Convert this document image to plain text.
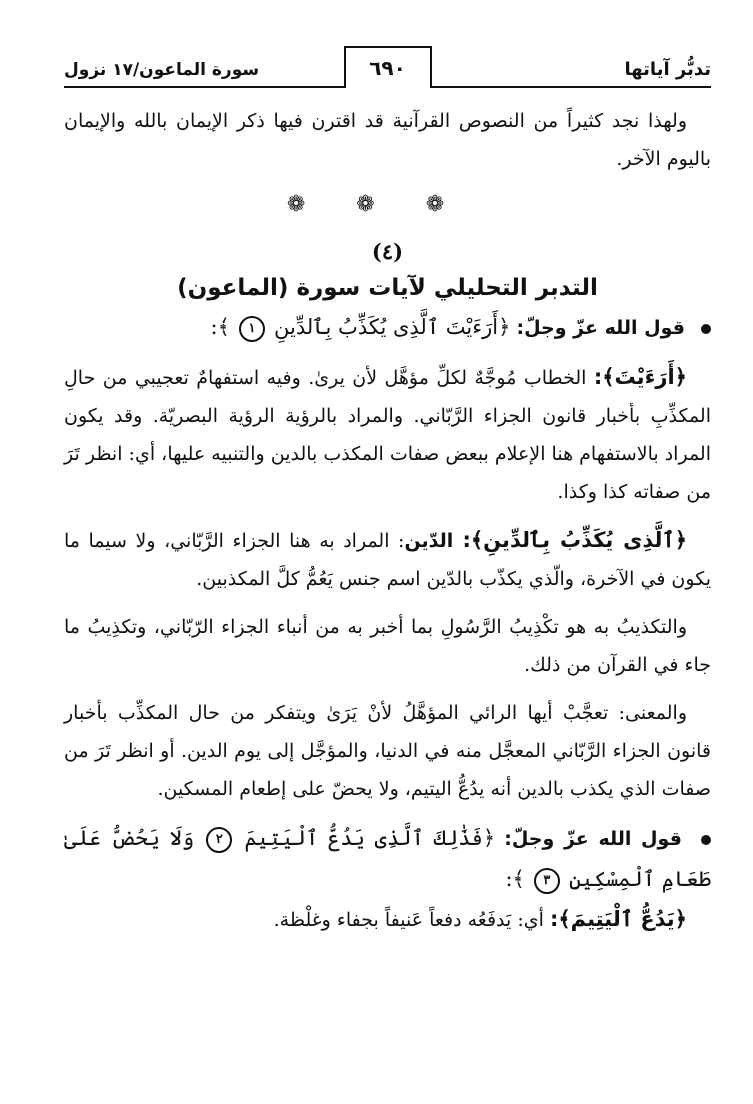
تدبُّر آياتها
٦٩٠
سورة الماعون/١٧ نزول

ولهذا نجد كثيراً من النصوص القرآنية قد اقترن فيها ذكر الإيمان بالله والإيمان باليوم الآخر.

❁ ❁ ❁
(٤)
التدبر التحليلي لآيات سورة (الماعون)

قول الله عزّ وجلّ: ﴿أَرَءَيْتَ ٱلَّذِى يُكَذِّبُ بِٱلدِّينِ ١ ﴾:

﴿أَرَءَيْتَ﴾: الخطاب مُوجَّهٌ لكلِّ مؤهَّل لأن يرىٰ. وفيه استفهامٌ تعجيبي من حالِ المكذِّبِ بأخبار قانون الجزاء الرَّبّاني. والمراد بالرؤية الرؤية البصريّة. وقد يكون المراد بالاستفهام هنا الإعلام ببعض صفات المكذب بالدين والتنبيه عليها، أي: انظر تَرَ من صفاته كذا وكذا.

﴿ٱلَّذِى يُكَذِّبُ بِٱلدِّينِ﴾: الدّين: المراد به هنا الجزاء الرَّبّاني، ولا سيما ما يكون في الآخرة، والّذي يكذّب بالدّين اسم جنس يَعُمُّ كلَّ المكذبين.

والتكذيبُ به هو تكْذِيبُ الرَّسُولِ بما أخبر به من أنباء الجزاء الرّبّاني، وتكذِيبُ ما جاء في القرآن من ذلك.

والمعنى: تعجَّبْ أيها الرائي المؤهَّلُ لأنْ يَرَىٰ ويتفكر من حال المكذِّب بأخبار قانون الجزاء الرَّبّاني المعجَّل منه في الدنيا، والمؤجَّل إلى يوم الدين. أو انظر تَرَ من صفات الذي يكذب بالدين أنه يدُعُّ اليتيم، ولا يحضّ على إطعام المسكين.

قول الله عزّ وجلّ: ﴿فَذَٰلِكَ ٱلَّذِى يَدُعُّ ٱلْيَتِيمَ ٢ وَلَا يَحُضُّ عَلَىٰ طَعَامِ ٱلْمِسْكِينِ ٣ ﴾:

﴿يَدُعُّ ٱلْيَتِيمَ﴾: أي: يَدفَعُه دفعاً عَنيفاً بجفاء وغلْظة.
